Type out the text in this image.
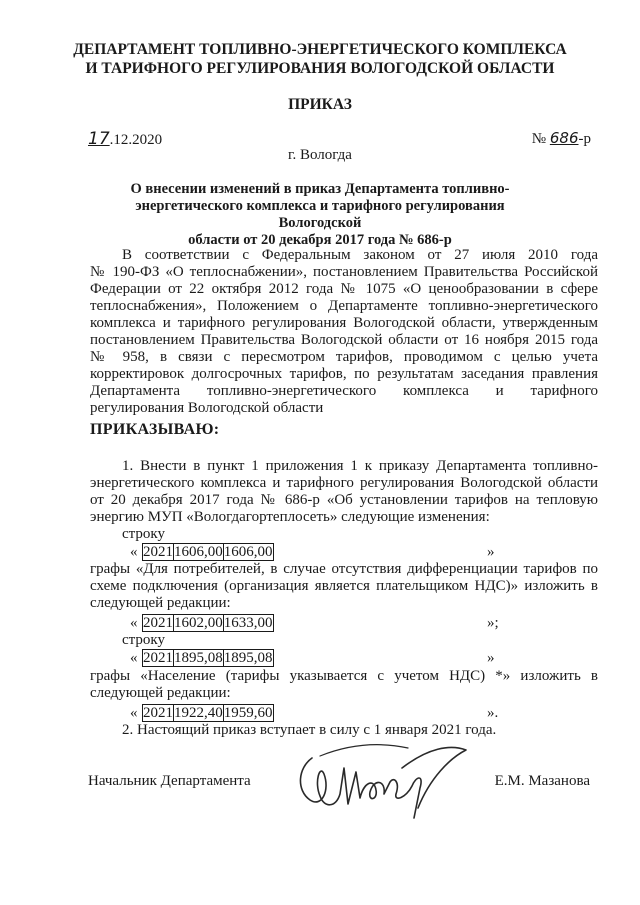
ДЕПАРТАМЕНТ ТОПЛИВНО-ЭНЕРГЕТИЧЕСКОГО КОМПЛЕКСА
И ТАРИФНОГО РЕГУЛИРОВАНИЯ ВОЛОГОДСКОЙ ОБЛАСТИ
ПРИКАЗ
17.12.2020	№ 686-р
г. Вологда
О внесении изменений в приказ Департамента топливно-
энергетического комплекса и тарифного регулирования Вологодской
области от 20 декабря 2017 года № 686-р
В соответствии с Федеральным законом от 27 июля 2010 года
№ 190-ФЗ «О теплоснабжении», постановлением Правительства Российской
Федерации от 22 октября 2012 года № 1075 «О ценообразовании в сфере
теплоснабжения», Положением о Департаменте топливно-энергетического
комплекса и тарифного регулирования Вологодской области, утвержденным
постановлением Правительства Вологодской области от 16 ноября 2015 года
№ 958, в связи с пересмотром тарифов, проводимом с целью учета
корректировок долгосрочных тарифов, по результатам заседания правления
Департамента топливно-энергетического комплекса и тарифного
регулирования Вологодской области
ПРИКАЗЫВАЮ:
1. Внести в пункт 1 приложения 1 к приказу Департамента топливно-
энергетического комплекса и тарифного регулирования Вологодской области
от 20 декабря 2017 года № 686-р «Об установлении тарифов на тепловую
энергию МУП «Вологдагортеплосеть» следующие изменения:
строку
« 2021	1606,00	1606,00	»
графы «Для потребителей, в случае отсутствия дифференциации тарифов по
схеме подключения (организация является плательщиком НДС)» изложить в
следующей редакции:
« 2021	1602,00	1633,00	»;
строку
« 2021	1895,08	1895,08	»
графы «Население (тарифы указывается с учетом НДС) *» изложить в
следующей редакции:
« 2021	1922,40	1959,60	».
2. Настоящий приказ вступает в силу с 1 января 2021 года.
Начальник Департамента	Е.М. Мазанова
